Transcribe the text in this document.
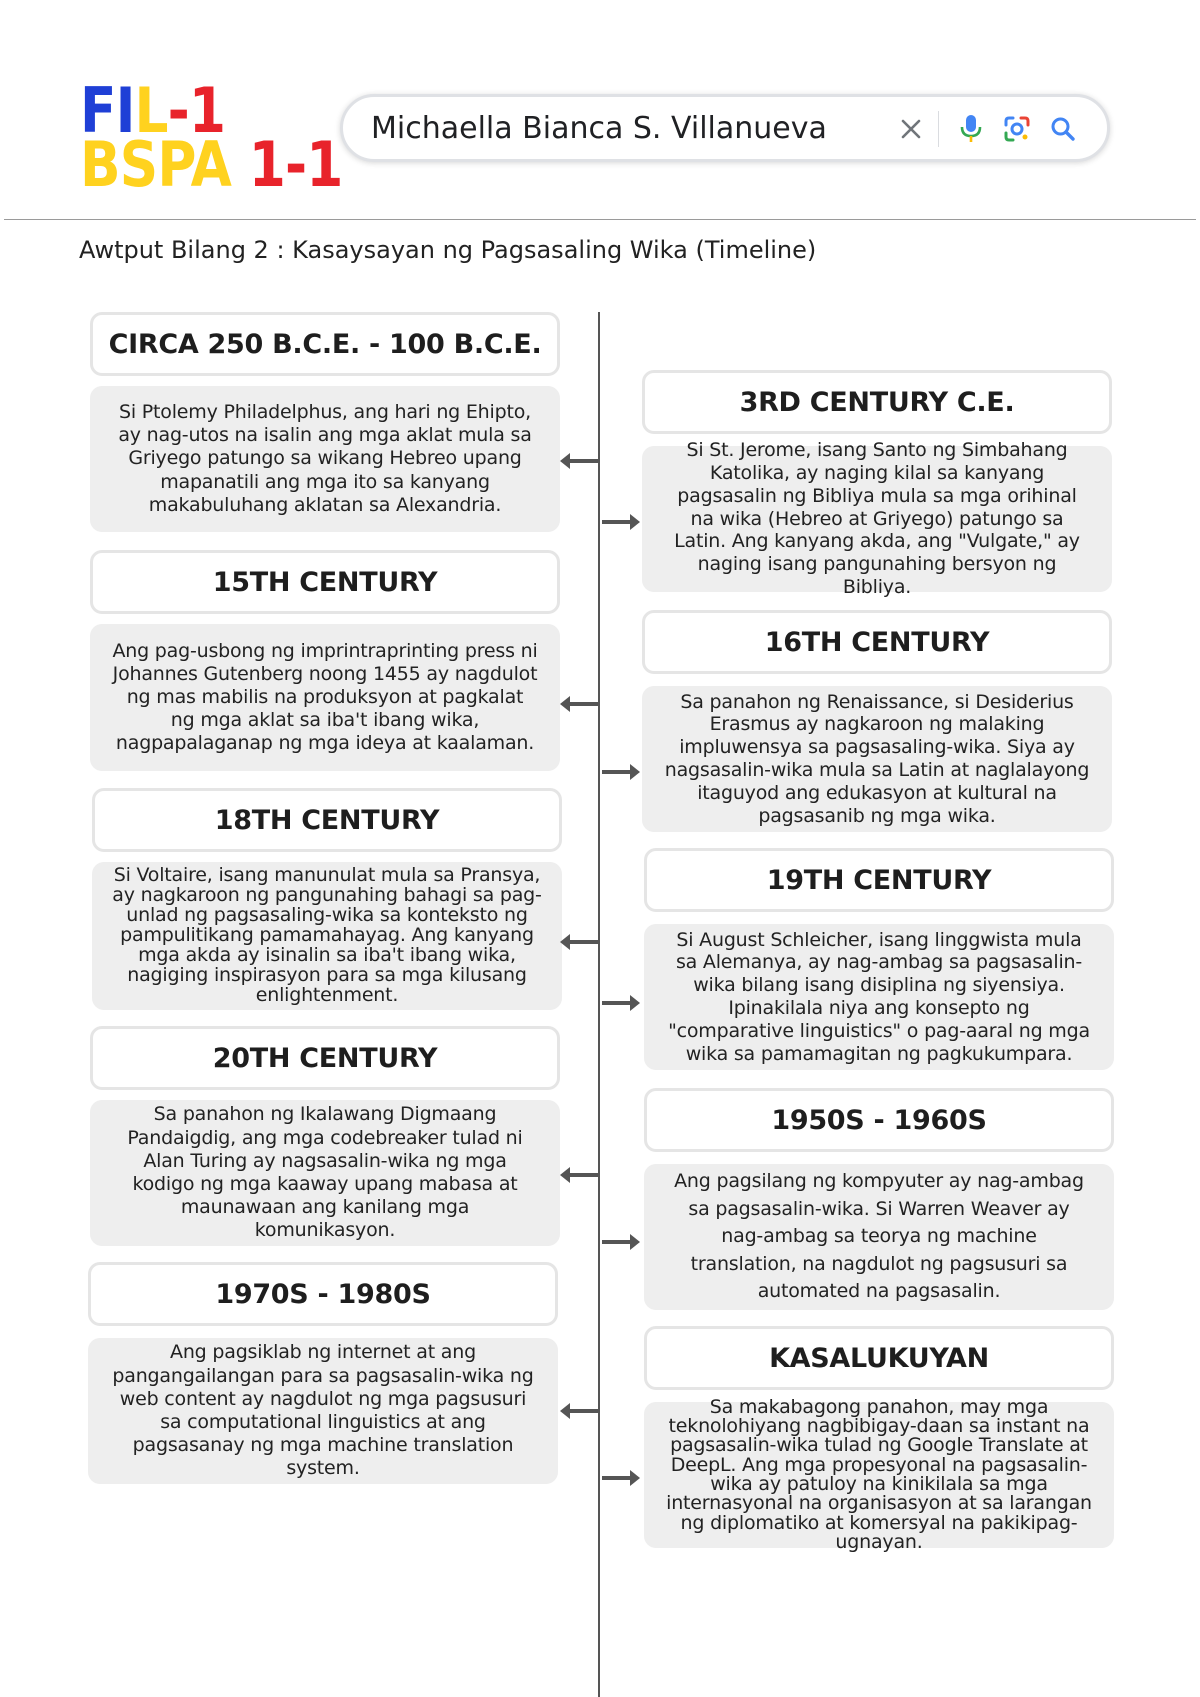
FIL-1
BSPA 1-1 Michaella Bianca S. Villanueva
Awtput Bilang 2 : Kasaysayan ng Pagsasaling Wika (Timeline)
CIRCA 250 B.C.E. - 100 B.C.E.
Si Ptolemy Philadelphus, ang hari ng Ehipto, ay nag-utos na isalin ang mga aklat mula sa Griyego patungo sa wikang Hebreo upang mapanatili ang mga ito sa kanyang makabuluhang aklatan sa Alexandria.
15TH CENTURY
Ang pag-usbong ng imprintraprinting press ni Johannes Gutenberg noong 1455 ay nagdulot ng mas mabilis na produksyon at pagkalat ng mga aklat sa iba't ibang wika, nagpapalaganap ng mga ideya at kaalaman.
18TH CENTURY
Si Voltaire, isang manunulat mula sa Pransya, ay nagkaroon ng pangunahing bahagi sa pag-unlad ng pagsasaling-wika sa konteksto ng pampulitikang pamamahayag. Ang kanyang mga akda ay isinalin sa iba't ibang wika, nagiging inspirasyon para sa mga kilusang enlightenment.
20TH CENTURY
Sa panahon ng Ikalawang Digmaang Pandaigdig, ang mga codebreaker tulad ni Alan Turing ay nagsasalin-wika ng mga kodigo ng mga kaaway upang mabasa at maunawaan ang kanilang mga komunikasyon.
1970S - 1980S
Ang pagsiklab ng internet at ang pangangailangan para sa pagsasalin-wika ng web content ay nagdulot ng mga pagsusuri sa computational linguistics at ang pagsasanay ng mga machine translation system.
3RD CENTURY C.E.
Si St. Jerome, isang Santo ng Simbahang Katolika, ay naging kilal sa kanyang pagsasalin ng Bibliya mula sa mga orihinal na wika (Hebreo at Griyego) patungo sa Latin. Ang kanyang akda, ang "Vulgate," ay naging isang pangunahing bersyon ng Bibliya.
16TH CENTURY
Sa panahon ng Renaissance, si Desiderius Erasmus ay nagkaroon ng malaking impluwensya sa pagsasaling-wika. Siya ay nagsasalin-wika mula sa Latin at naglalayong itaguyod ang edukasyon at kultural na pagsasanib ng mga wika.
19TH CENTURY
Si August Schleicher, isang linggwista mula sa Alemanya, ay nag-ambag sa pagsasalin-wika bilang isang disiplina ng siyensiya. Ipinakilala niya ang konsepto ng "comparative linguistics" o pag-aaral ng mga wika sa pamamagitan ng pagkukumpara.
1950S - 1960S
Ang pagsilang ng kompyuter ay nag-ambag sa pagsasalin-wika. Si Warren Weaver ay nag-ambag sa teorya ng machine translation, na nagdulot ng pagsusuri sa automated na pagsasalin.
KASALUKUYAN
Sa makabagong panahon, may mga teknolohiyang nagbibigay-daan sa instant na pagsasalin-wika tulad ng Google Translate at DeepL. Ang mga propesyonal na pagsasalin-wika ay patuloy na kinikilala sa mga internasyonal na organisasyon at sa larangan ng diplomatiko at komersyal na pakikipag-ugnayan.
